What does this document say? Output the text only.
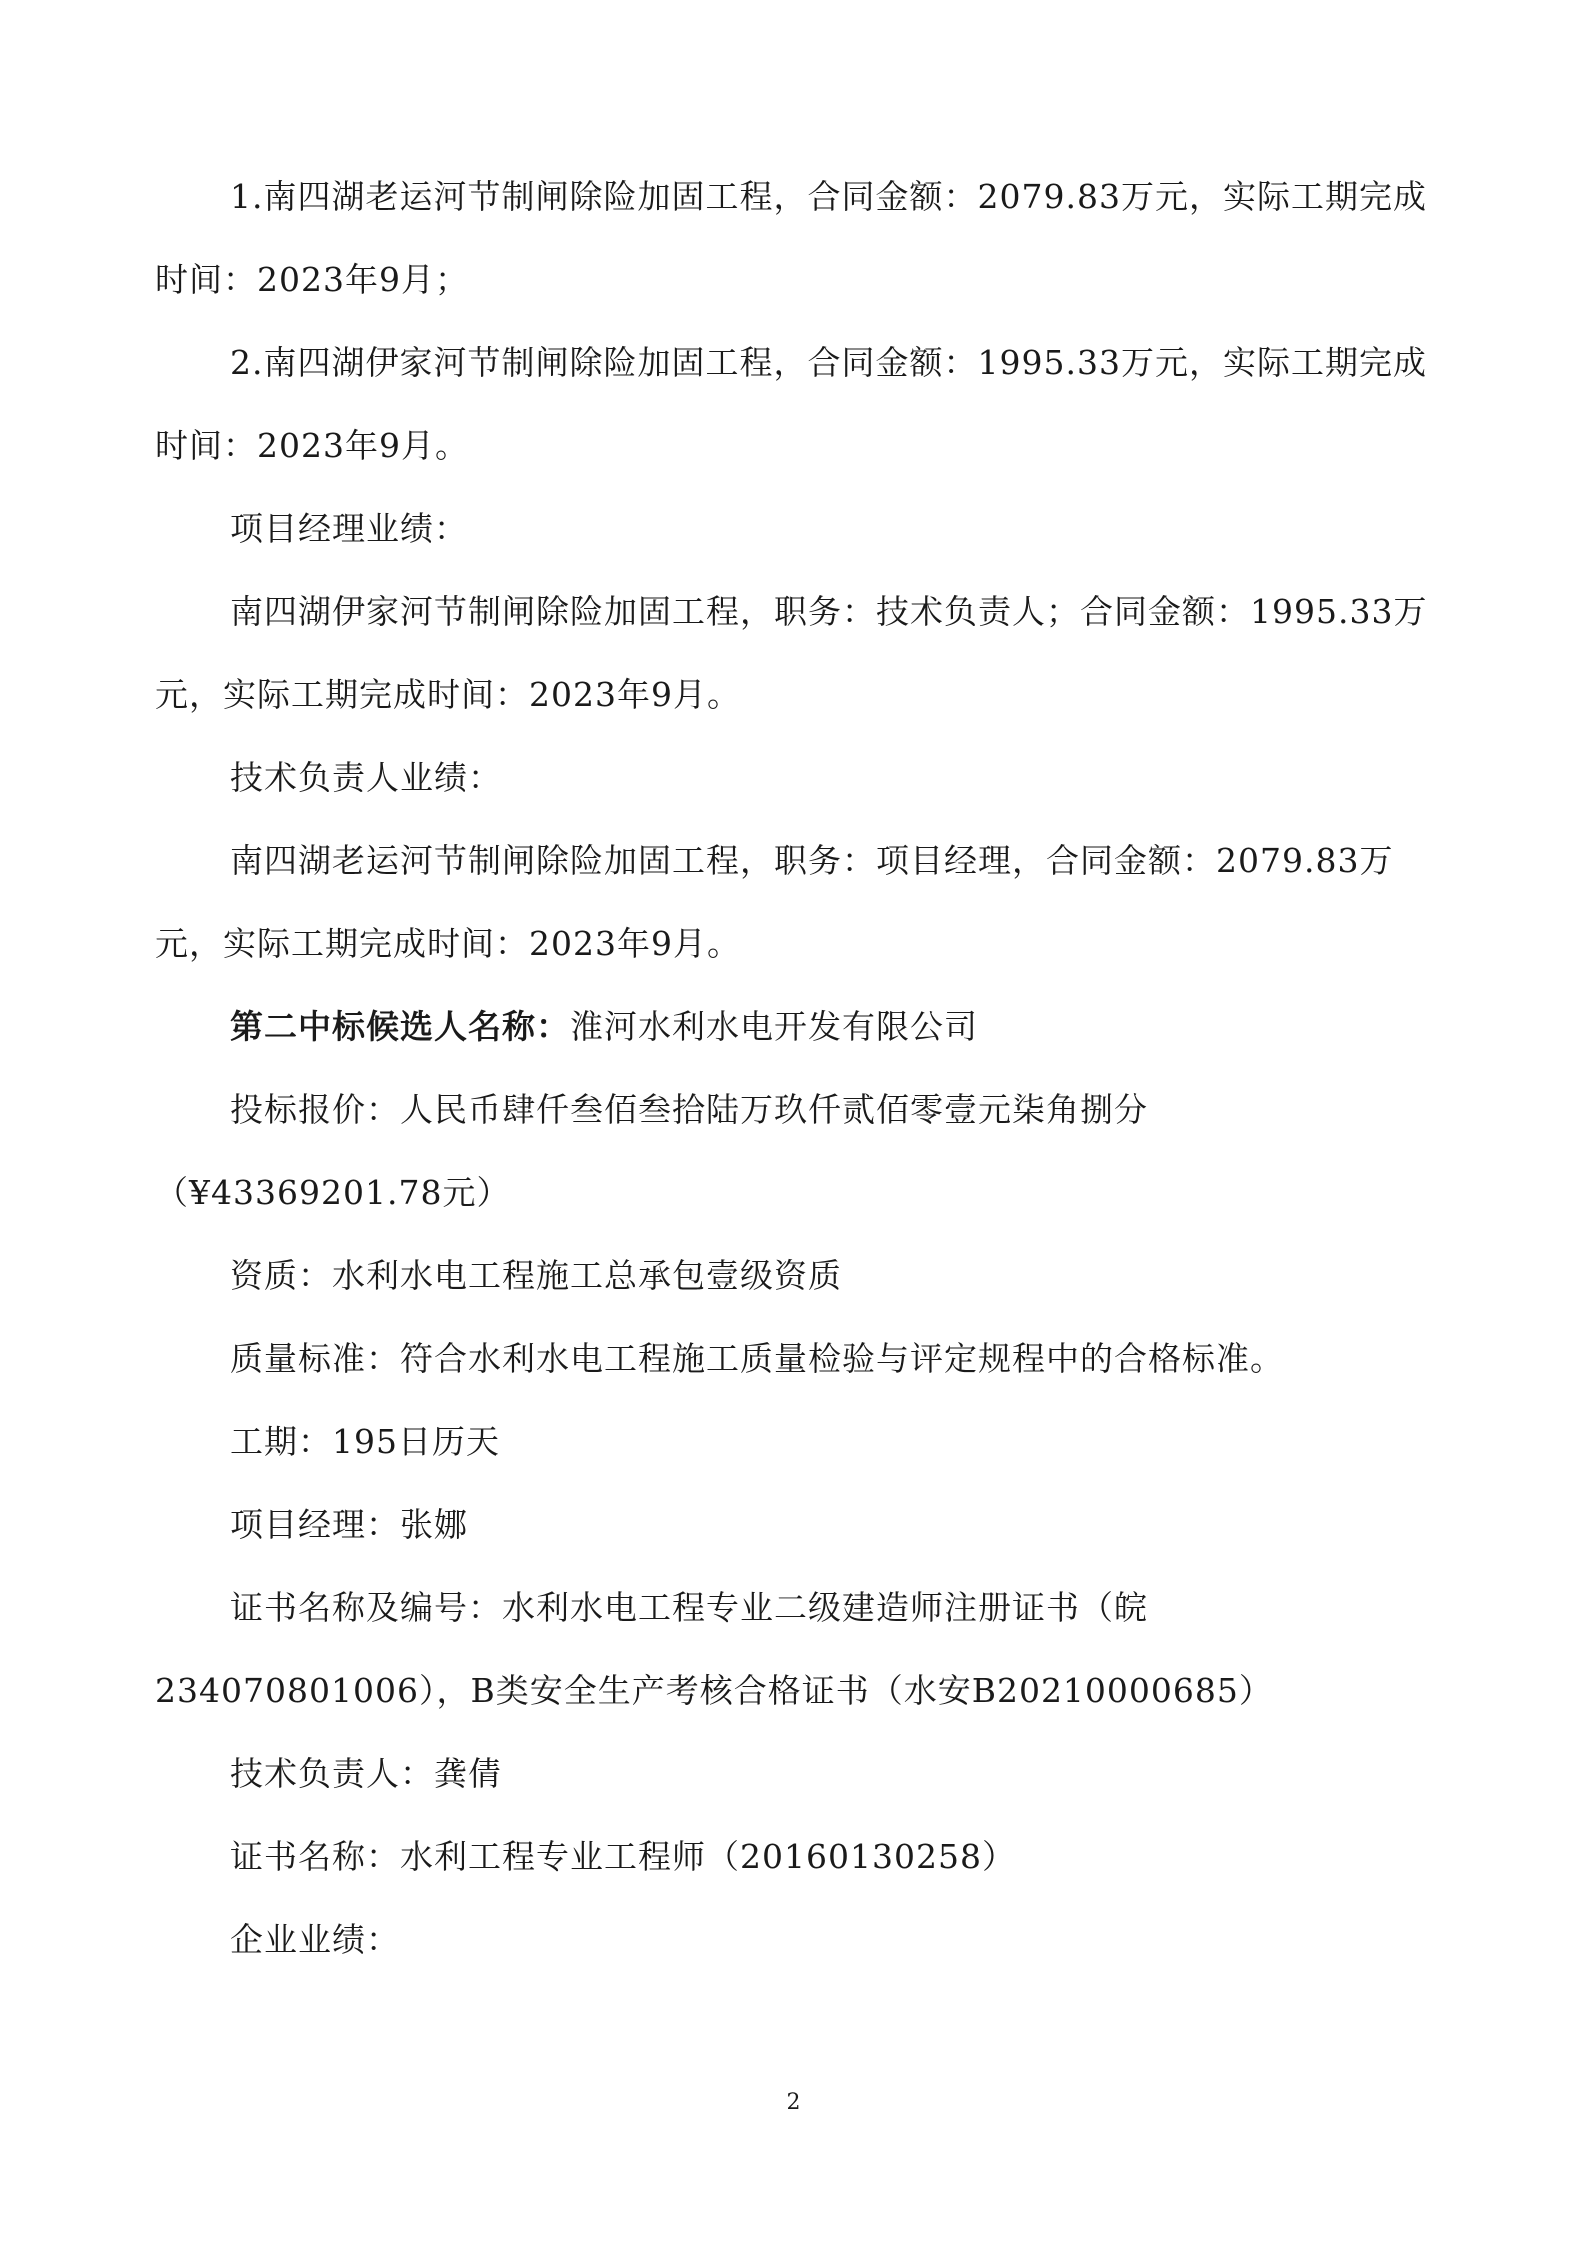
1.南四湖老运河节制闸除险加固工程，合同金额：2079.83万元，实际工期完成时间：2023年9月；

2.南四湖伊家河节制闸除险加固工程，合同金额：1995.33万元，实际工期完成时间：2023年9月。

项目经理业绩：

南四湖伊家河节制闸除险加固工程，职务：技术负责人；合同金额：1995.33万元，实际工期完成时间：2023年9月。

技术负责人业绩：

南四湖老运河节制闸除险加固工程，职务：项目经理，合同金额：2079.83万元，实际工期完成时间：2023年9月。

第二中标候选人名称：淮河水利水电开发有限公司

投标报价：人民币肆仟叁佰叁拾陆万玖仟贰佰零壹元柒角捌分

（¥43369201.78元）

资质：水利水电工程施工总承包壹级资质

质量标准：符合水利水电工程施工质量检验与评定规程中的合格标准。

工期：195日历天

项目经理：张娜

证书名称及编号：水利水电工程专业二级建造师注册证书（皖234070801006），B类安全生产考核合格证书（水安B20210000685）

技术负责人：龚倩

证书名称：水利工程专业工程师（20160130258）

企业业绩：

2
